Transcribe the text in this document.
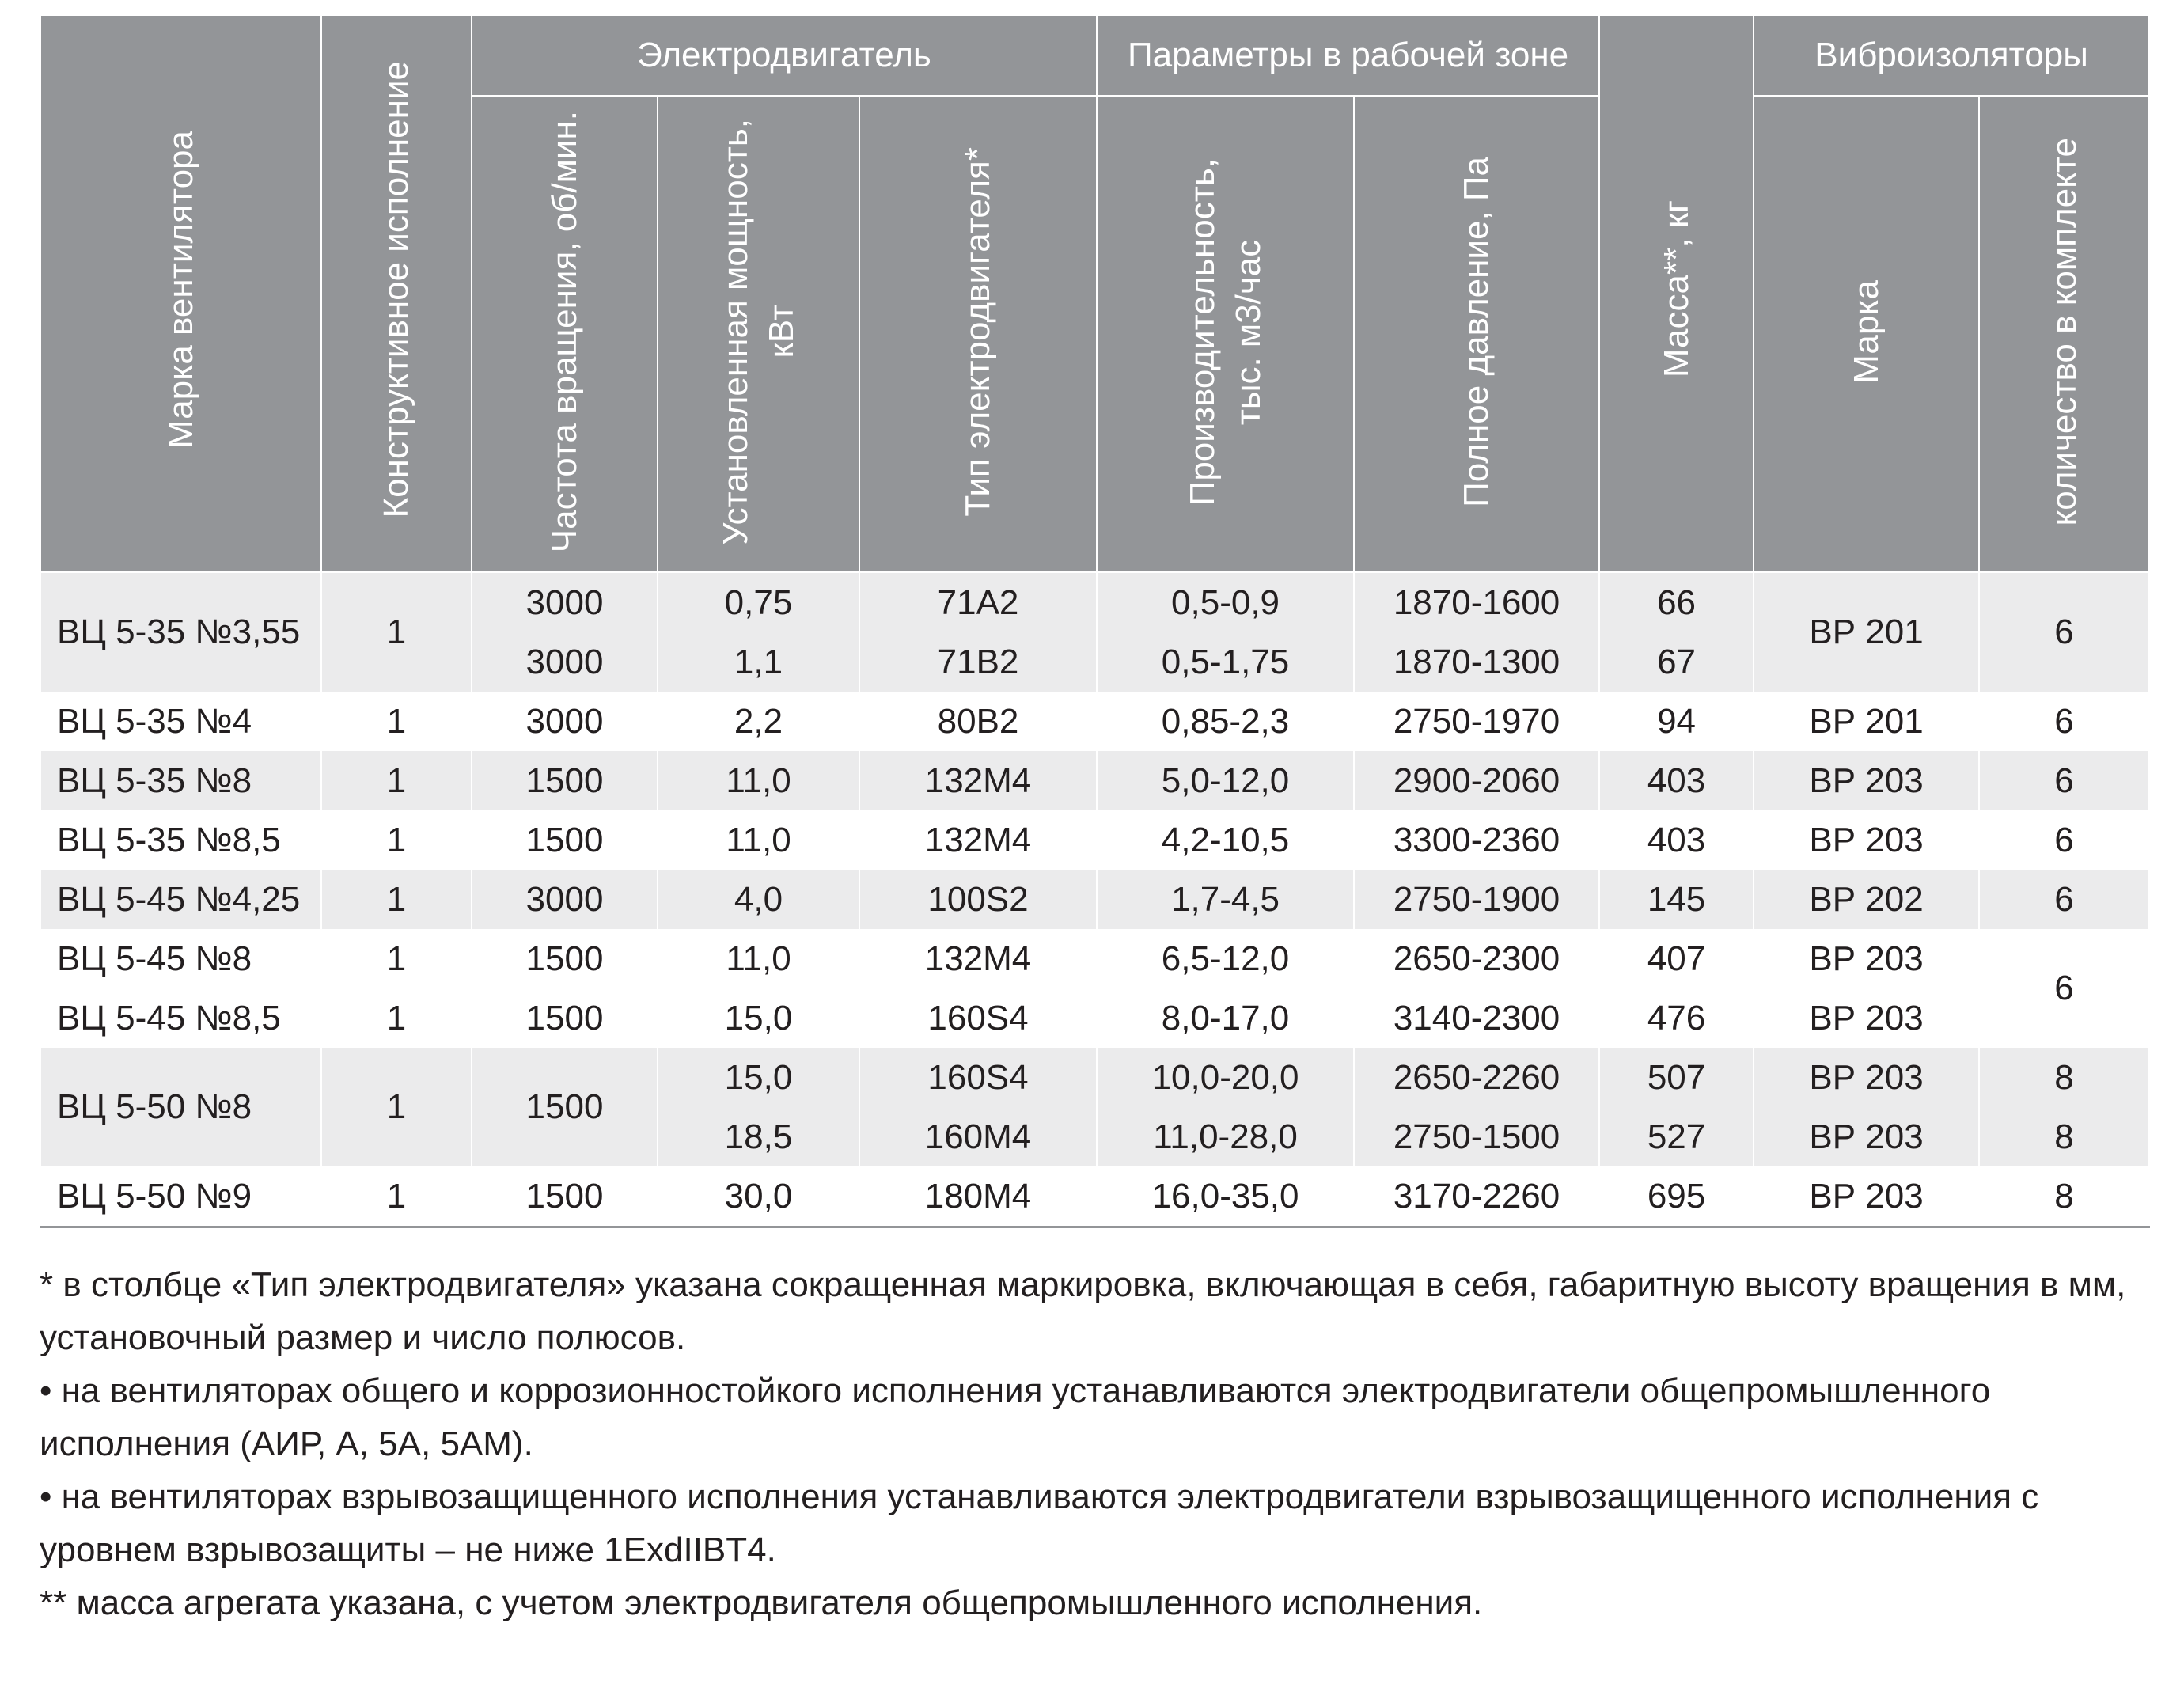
Марка вентилятора	Конструктивное исполнение	Электродвигатель			Параметры в рабочей зоне		Масса**, кг	Виброизоляторы	
		Частота вращения, об/мин.	Установленная мощность,
кВт	Тип электродвигателя*	Производительность,
тыс. м3/час	Полное давление, Па		Марка	количество в комплекте
ВЦ 5-35 №3,55	1	3000	0,75	71А2	0,5-0,9	1870-1600	66	ВР 201	6
		3000	1,1	71В2	0,5-1,75	1870-1300	67		
ВЦ 5-35 №4	1	3000	2,2	80В2	0,85-2,3	2750-1970	94	ВР 201	6
ВЦ 5-35 №8	1	1500	11,0	132М4	5,0-12,0	2900-2060	403	ВР 203	6
ВЦ 5-35 №8,5	1	1500	11,0	132М4	4,2-10,5	3300-2360	403	ВР 203	6
ВЦ 5-45 №4,25	1	3000	4,0	100S2	1,7-4,5	2750-1900	145	ВР 202	6
ВЦ 5-45 №8	1	1500	11,0	132М4	6,5-12,0	2650-2300	407	ВР 203	6
ВЦ 5-45 №8,5	1	1500	15,0	160S4	8,0-17,0	3140-2300	476	ВР 203	
ВЦ 5-50 №8	1	1500	15,0	160S4	10,0-20,0	2650-2260	507	ВР 203	8
			18,5	160М4	11,0-28,0	2750-1500	527	ВР 203	8
ВЦ 5-50 №9	1	1500	30,0	180М4	16,0-35,0	3170-2260	695	ВР 203	8

* в столбце «Тип электродвигателя» указана сокращенная маркировка, включающая в себя, габаритную высоту вращения в мм, установочный размер и число полюсов.

• на вентиляторах общего и коррозионностойкого исполнения устанавливаются электродвигатели общепромышленного исполнения (АИР, А, 5А, 5АМ).

• на вентиляторах взрывозащищенного исполнения устанавливаются электродвигатели взрывозащищенного исполнения с уровнем взрывозащиты – не ниже 1ExdIIBT4.

** масса агрегата указана, с учетом электродвигателя общепромышленного исполнения.
